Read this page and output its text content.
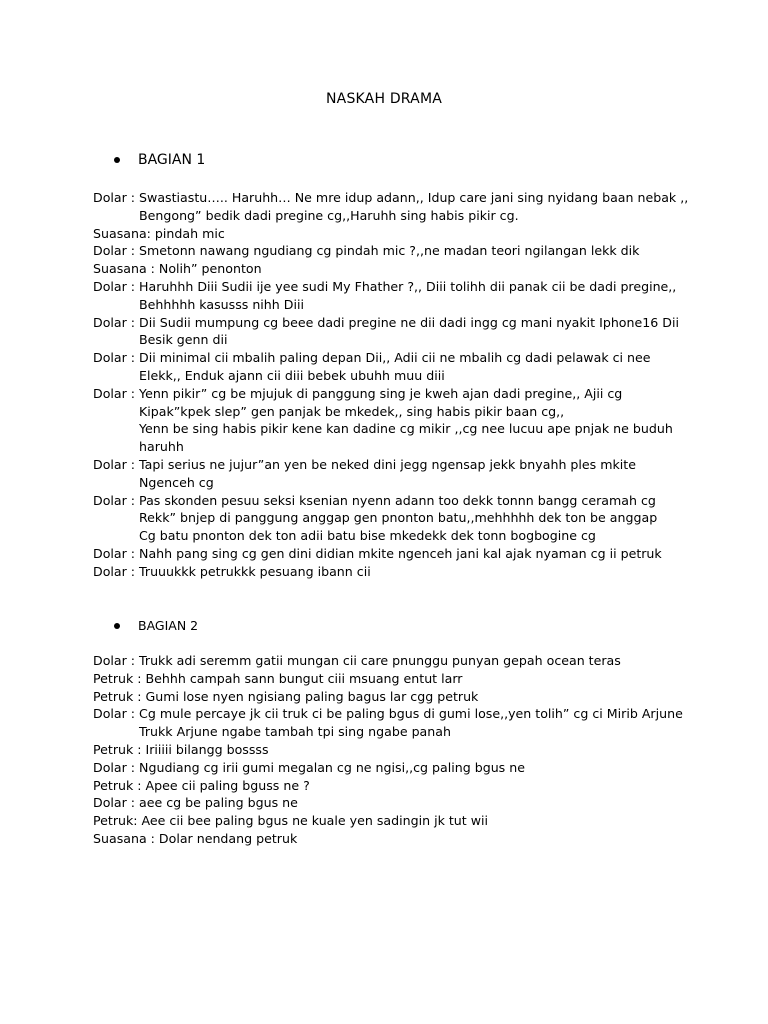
NASKAH DRAMA
BAGIAN 1
Dolar : Swastiastu….. Haruhh… Ne mre idup adann,, Idup care jani sing nyidang baan nebak ,,
Bengong” bedik dadi pregine cg,,Haruhh sing habis pikir cg.
Suasana: pindah mic
Dolar : Smetonn nawang ngudiang cg pindah mic ?,,ne madan teori ngilangan lekk dik
Suasana : Nolih” penonton
Dolar : Haruhhh Diii Sudii ije yee sudi My Fhather ?,, Diii tolihh dii panak cii be dadi pregine,,
Behhhhh kasusss nihh Diii
Dolar : Dii Sudii mumpung cg beee dadi pregine ne dii dadi ingg cg mani nyakit Iphone16 Dii
Besik genn dii
Dolar : Dii minimal cii mbalih paling depan Dii,, Adii cii ne mbalih cg dadi pelawak ci nee
Elekk,, Enduk ajann cii diii bebek ubuhh muu diii
Dolar : Yenn pikir” cg be mjujuk di panggung sing je kweh ajan dadi pregine,, Ajii cg
Kipak”kpek slep” gen panjak be mkedek,, sing habis pikir baan cg,,
Yenn be sing habis pikir kene kan dadine cg mikir ,,cg nee lucuu ape pnjak ne buduh
haruhh
Dolar : Tapi serius ne jujur”an yen be neked dini jegg ngensap jekk bnyahh ples mkite
Ngenceh cg
Dolar : Pas skonden pesuu seksi ksenian nyenn adann too dekk tonnn bangg ceramah cg
Rekk” bnjep di panggung anggap gen pnonton batu,,mehhhhh dek ton be anggap
Cg batu pnonton dek ton adii batu bise mkedekk dek tonn bogbogine cg
Dolar : Nahh pang sing cg gen dini didian mkite ngenceh jani kal ajak nyaman cg ii petruk
Dolar : Truuukkk petrukkk pesuang ibann cii
BAGIAN 2
Dolar : Trukk adi seremm gatii mungan cii care pnunggu punyan gepah ocean teras
Petruk : Behhh campah sann bungut ciii msuang entut larr
Petruk : Gumi lose nyen ngisiang paling bagus lar cgg petruk
Dolar : Cg mule percaye jk cii truk ci be paling bgus di gumi lose,,yen tolih” cg ci Mirib Arjune
Trukk Arjune ngabe tambah tpi sing ngabe panah
Petruk : Iriiiii bilangg bossss
Dolar : Ngudiang cg irii gumi megalan cg ne ngisi,,cg paling bgus ne
Petruk : Apee cii paling bguss ne ?
Dolar : aee cg be paling bgus ne
Petruk: Aee cii bee paling bgus ne kuale yen sadingin jk tut wii
Suasana : Dolar nendang petruk
